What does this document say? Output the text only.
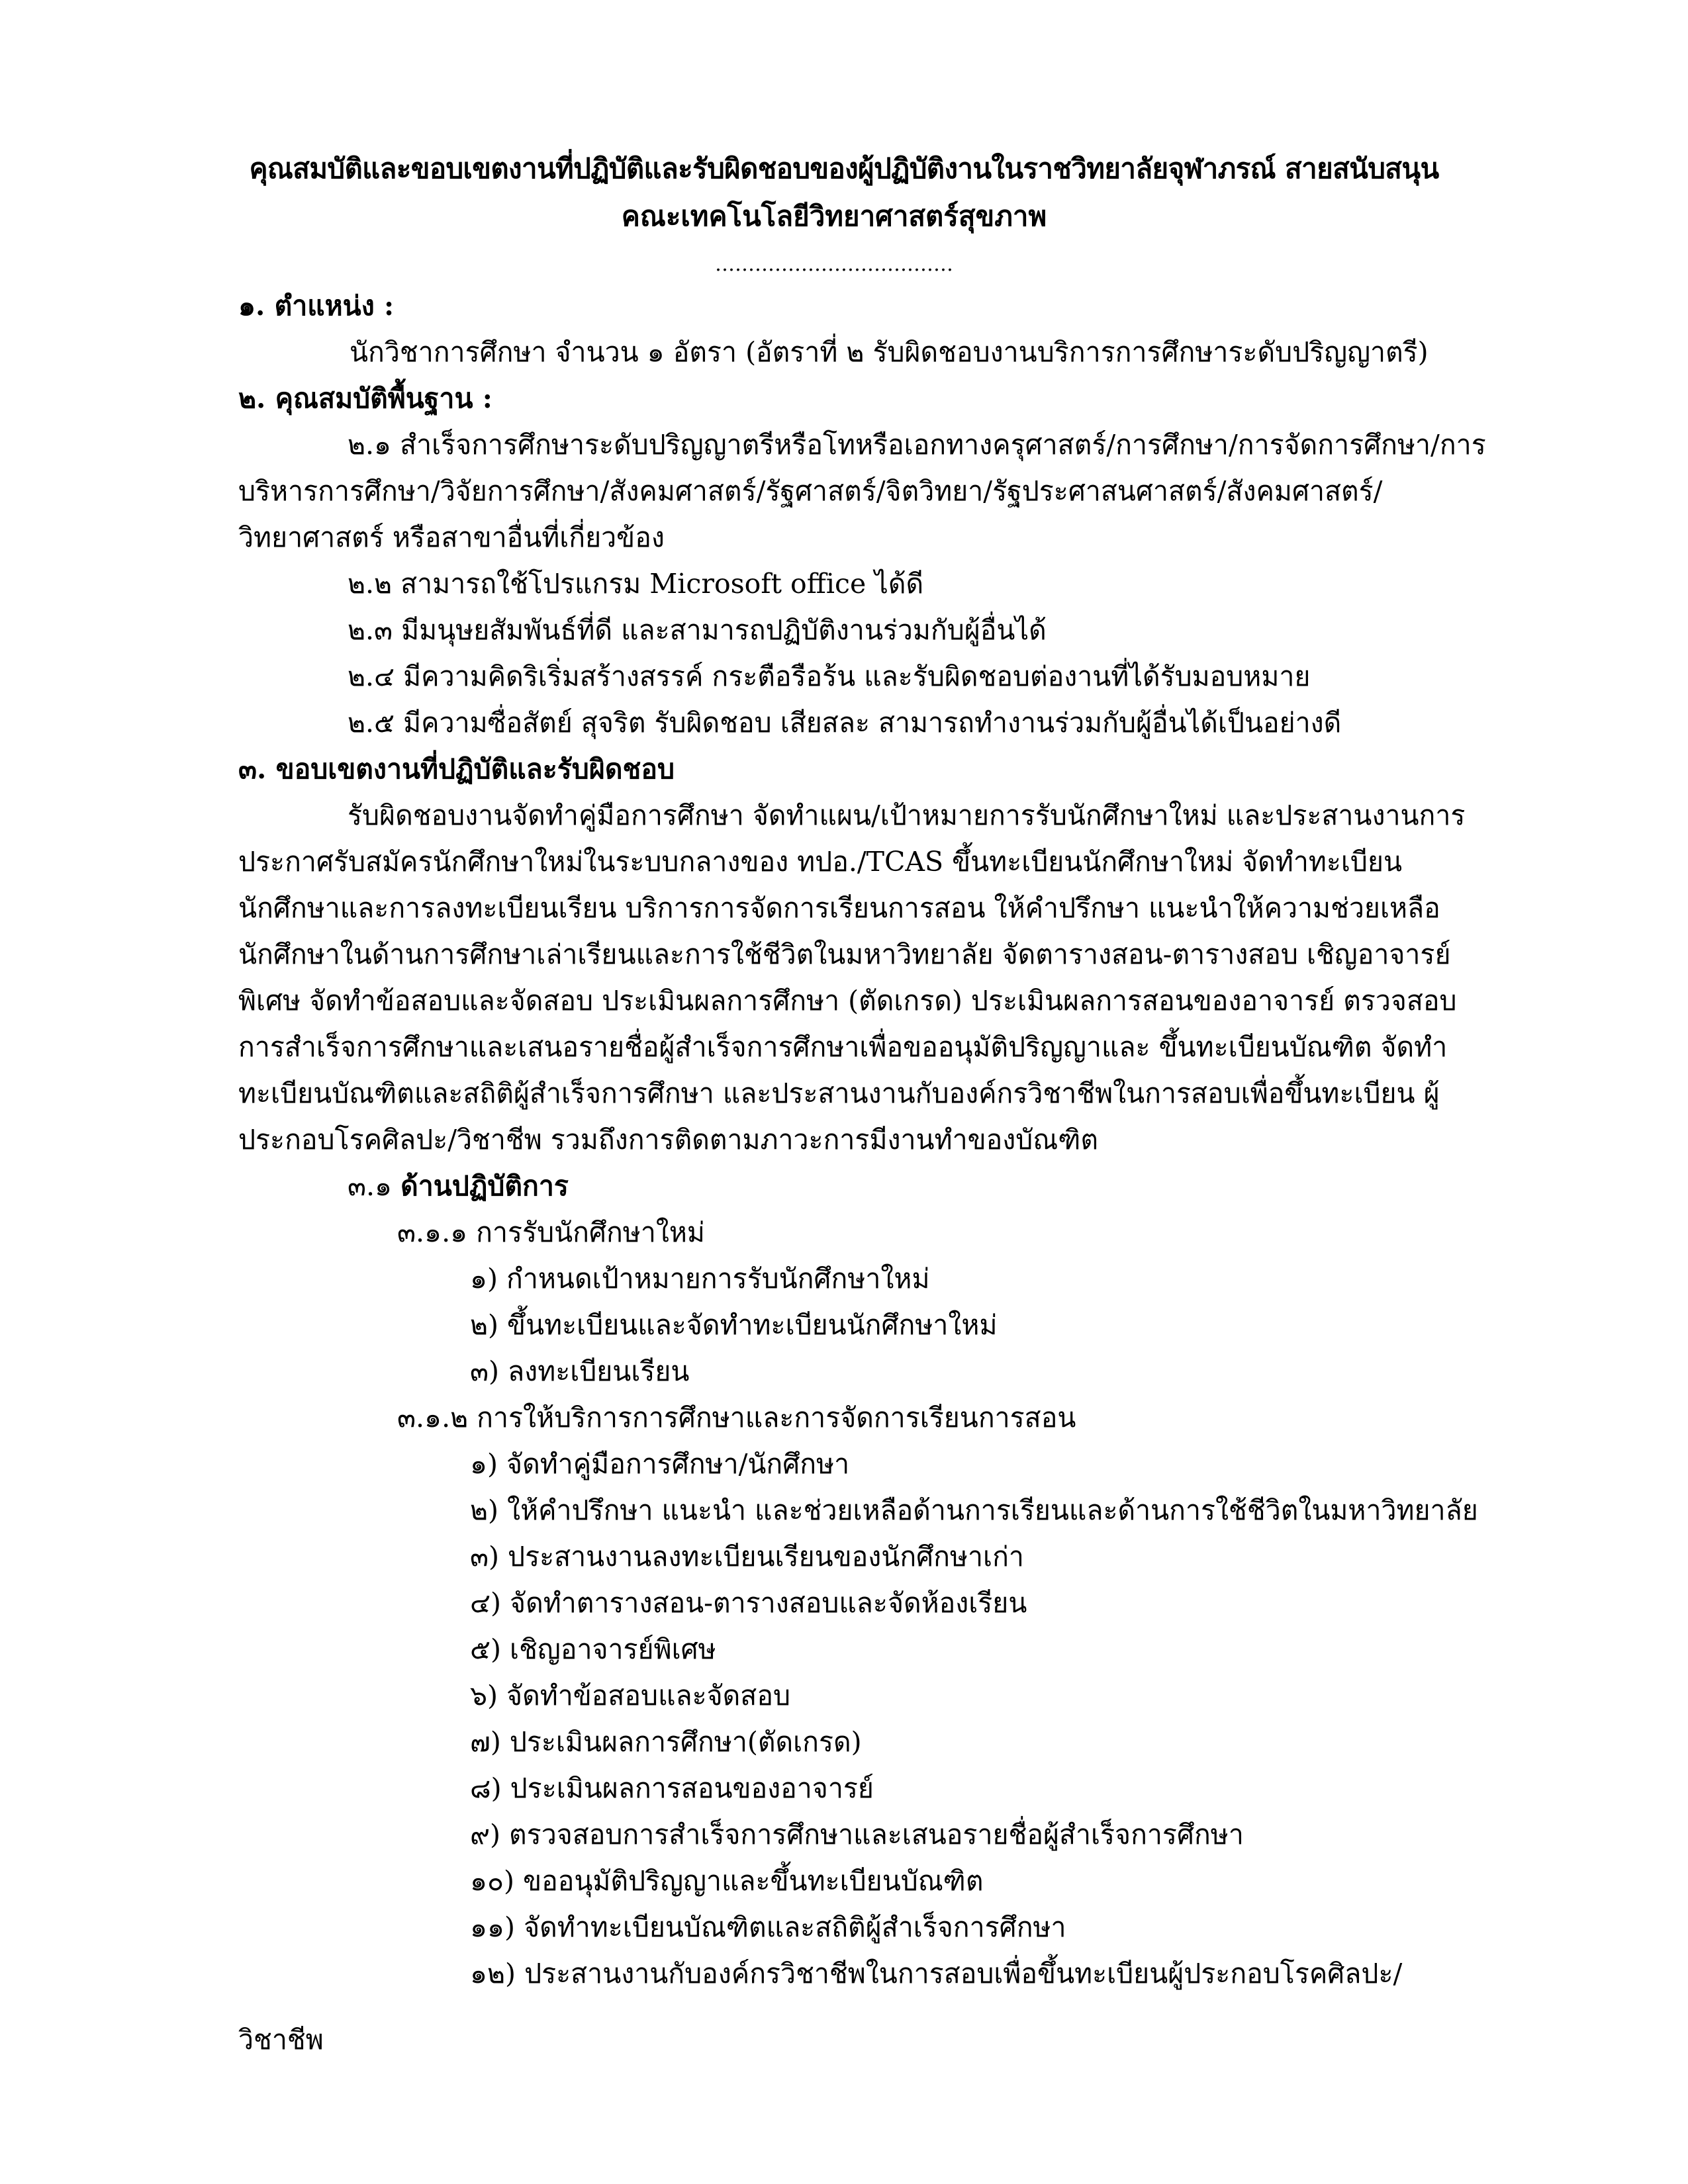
คุณสมบัติและขอบเขตงานที่ปฏิบัติและรับผิดชอบของผู้ปฏิบัติงานในราชวิทยาลัยจุฬาภรณ์ สายสนับสนุน
คณะเทคโนโลยีวิทยาศาสตร์สุขภาพ
………………………………
๑. ตำแหน่ง :
นักวิชาการศึกษา จำนวน ๑ อัตรา (อัตราที่ ๒ รับผิดชอบงานบริการการศึกษาระดับปริญญาตรี)
๒. คุณสมบัติพื้นฐาน :
๒.๑ สำเร็จการศึกษาระดับปริญญาตรีหรือโทหรือเอกทางครุศาสตร์/การศึกษา/การจัดการศึกษา/การ
บริหารการศึกษา/วิจัยการศึกษา/สังคมศาสตร์/รัฐศาสตร์/จิตวิทยา/รัฐประศาสนศาสตร์/สังคมศาสตร์/
วิทยาศาสตร์ หรือสาขาอื่นที่เกี่ยวข้อง
๒.๒ สามารถใช้โปรแกรม Microsoft office ได้ดี
๒.๓ มีมนุษยสัมพันธ์ที่ดี และสามารถปฏิบัติงานร่วมกับผู้อื่นได้
๒.๔ มีความคิดริเริ่มสร้างสรรค์ กระตือรือร้น และรับผิดชอบต่องานที่ได้รับมอบหมาย
๒.๕ มีความซื่อสัตย์ สุจริต รับผิดชอบ เสียสละ สามารถทำงานร่วมกับผู้อื่นได้เป็นอย่างดี
๓. ขอบเขตงานที่ปฏิบัติและรับผิดชอบ
รับผิดชอบงานจัดทำคู่มือการศึกษา จัดทำแผน/เป้าหมายการรับนักศึกษาใหม่ และประสานงานการ
ประกาศรับสมัครนักศึกษาใหม่ในระบบกลางของ ทปอ./TCAS ขึ้นทะเบียนนักศึกษาใหม่ จัดทำทะเบียน
นักศึกษาและการลงทะเบียนเรียน บริการการจัดการเรียนการสอน ให้คำปรึกษา แนะนำให้ความช่วยเหลือ
นักศึกษาในด้านการศึกษาเล่าเรียนและการใช้ชีวิตในมหาวิทยาลัย จัดตารางสอน-ตารางสอบ เชิญอาจารย์
พิเศษ จัดทำข้อสอบและจัดสอบ ประเมินผลการศึกษา (ตัดเกรด) ประเมินผลการสอนของอาจารย์ ตรวจสอบ
การสำเร็จการศึกษาและเสนอรายชื่อผู้สำเร็จการศึกษาเพื่อขออนุมัติปริญญาและ ขึ้นทะเบียนบัณฑิต จัดทำ
ทะเบียนบัณฑิตและสถิติผู้สำเร็จการศึกษา และประสานงานกับองค์กรวิชาชีพในการสอบเพื่อขึ้นทะเบียน ผู้
ประกอบโรคศิลปะ/วิชาชีพ รวมถึงการติดตามภาวะการมีงานทำของบัณฑิต
๓.๑ ด้านปฏิบัติการ
๓.๑.๑ การรับนักศึกษาใหม่
๑) กำหนดเป้าหมายการรับนักศึกษาใหม่
๒) ขึ้นทะเบียนและจัดทำทะเบียนนักศึกษาใหม่
๓) ลงทะเบียนเรียน
๓.๑.๒ การให้บริการการศึกษาและการจัดการเรียนการสอน
๑) จัดทำคู่มือการศึกษา/นักศึกษา
๒) ให้คำปรึกษา แนะนำ และช่วยเหลือด้านการเรียนและด้านการใช้ชีวิตในมหาวิทยาลัย
๓) ประสานงานลงทะเบียนเรียนของนักศึกษาเก่า
๔) จัดทำตารางสอน-ตารางสอบและจัดห้องเรียน
๕) เชิญอาจารย์พิเศษ
๖) จัดทำข้อสอบและจัดสอบ
๗) ประเมินผลการศึกษา(ตัดเกรด)
๘) ประเมินผลการสอนของอาจารย์
๙) ตรวจสอบการสำเร็จการศึกษาและเสนอรายชื่อผู้สำเร็จการศึกษา
๑๐) ขออนุมัติปริญญาและขึ้นทะเบียนบัณฑิต
๑๑) จัดทำทะเบียนบัณฑิตและสถิติผู้สำเร็จการศึกษา
๑๒) ประสานงานกับองค์กรวิชาชีพในการสอบเพื่อขึ้นทะเบียนผู้ประกอบโรคศิลปะ/
วิชาชีพ
